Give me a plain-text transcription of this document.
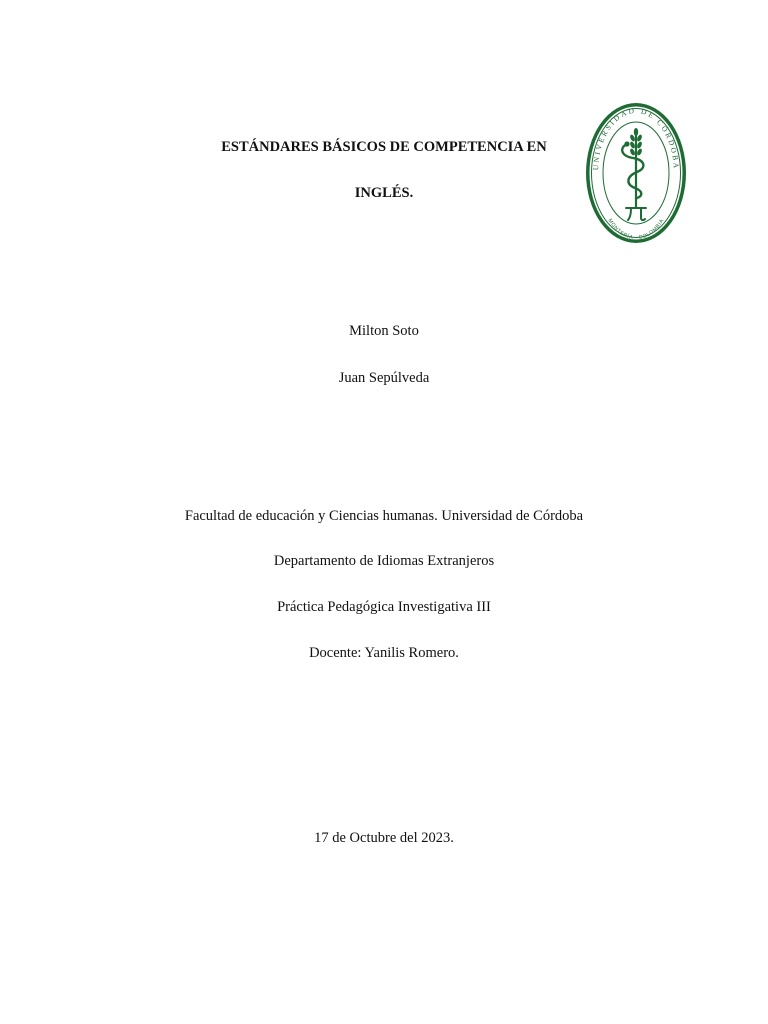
ESTÁNDARES BÁSICOS DE COMPETENCIA EN
INGLÉS.
UNIVERSIDAD DE CÓRDOBA
MONTERÍA - COLOMBIA
Milton Soto
Juan Sepúlveda
Facultad de educación y Ciencias humanas. Universidad de Córdoba
Departamento de Idiomas Extranjeros
Práctica Pedagógica Investigativa III
Docente: Yanilis Romero.
17 de Octubre del 2023.
